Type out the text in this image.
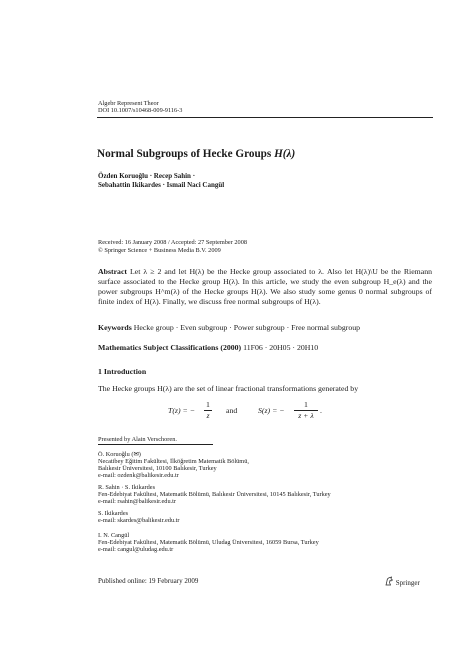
Algebr Represent Theor
DOI 10.1007/s10468-009-9116-3
Normal Subgroups of Hecke Groups H(λ)
Özden Koruoğlu · Recep Sahin ·
Sebahattin Ikikardes · Ismail Naci Cangül
Received: 16 January 2008 / Accepted: 27 September 2008
© Springer Science + Business Media B.V. 2009
Abstract Let λ ≥ 2 and let H(λ) be the Hecke group associated to λ. Also let H(λ)\U be the Riemann surface associated to the Hecke group H(λ). In this article, we study the even subgroup H_e(λ) and the power subgroups H^m(λ) of the Hecke groups H(λ). We also study some genus 0 normal subgroups of finite index of H(λ). Finally, we discuss free normal subgroups of H(λ).
Keywords Hecke group · Even subgroup · Power subgroup · Free normal subgroup
Mathematics Subject Classifications (2000) 11F06 · 20H05 · 20H10
1 Introduction
The Hecke groups H(λ) are the set of linear fractional transformations generated by
T(z) = − $\frac{1}{z}$ and	S(z) = − $\frac{1}{z + \lambda}$ .
Presented by Alain Verschoren.
Ö. Koruoğlu (✉)
Necatibey Eğitim Fakültesi, İlköğretim Matematik Bölümü,
Balıkesir Üniversitesi, 10100 Balıkesir, Turkey
e-mail: ozdenk@balikesir.edu.tr
R. Sahin · S. Ikikardes
Fen-Edebiyat Fakültesi, Matematik Bölümü, Balıkesir Üniversitesi, 10145 Balıkesir, Turkey
e-mail: rsahin@balikesir.edu.tr
S. Ikikardes
e-mail: skardes@balikesir.edu.tr
I. N. Cangül
Fen-Edebiyat Fakültesi, Matematik Bölümü, Uludag Üniversitesi, 16059 Bursa, Turkey
e-mail: cangul@uludag.edu.tr
Published online: 19 February 2009	Springer
